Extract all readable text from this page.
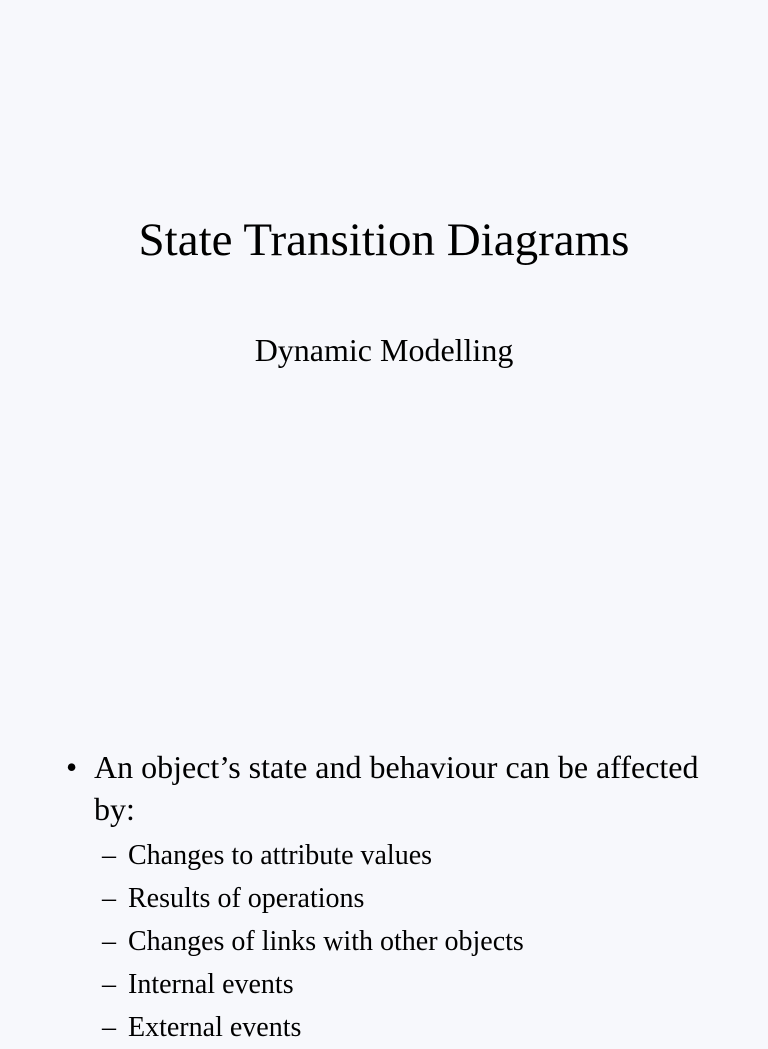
State Transition Diagrams
Dynamic Modelling
• An object’s state and behaviour can be affected by:
– Changes to attribute values
– Results of operations
– Changes of links with other objects
– Internal events
– External events
